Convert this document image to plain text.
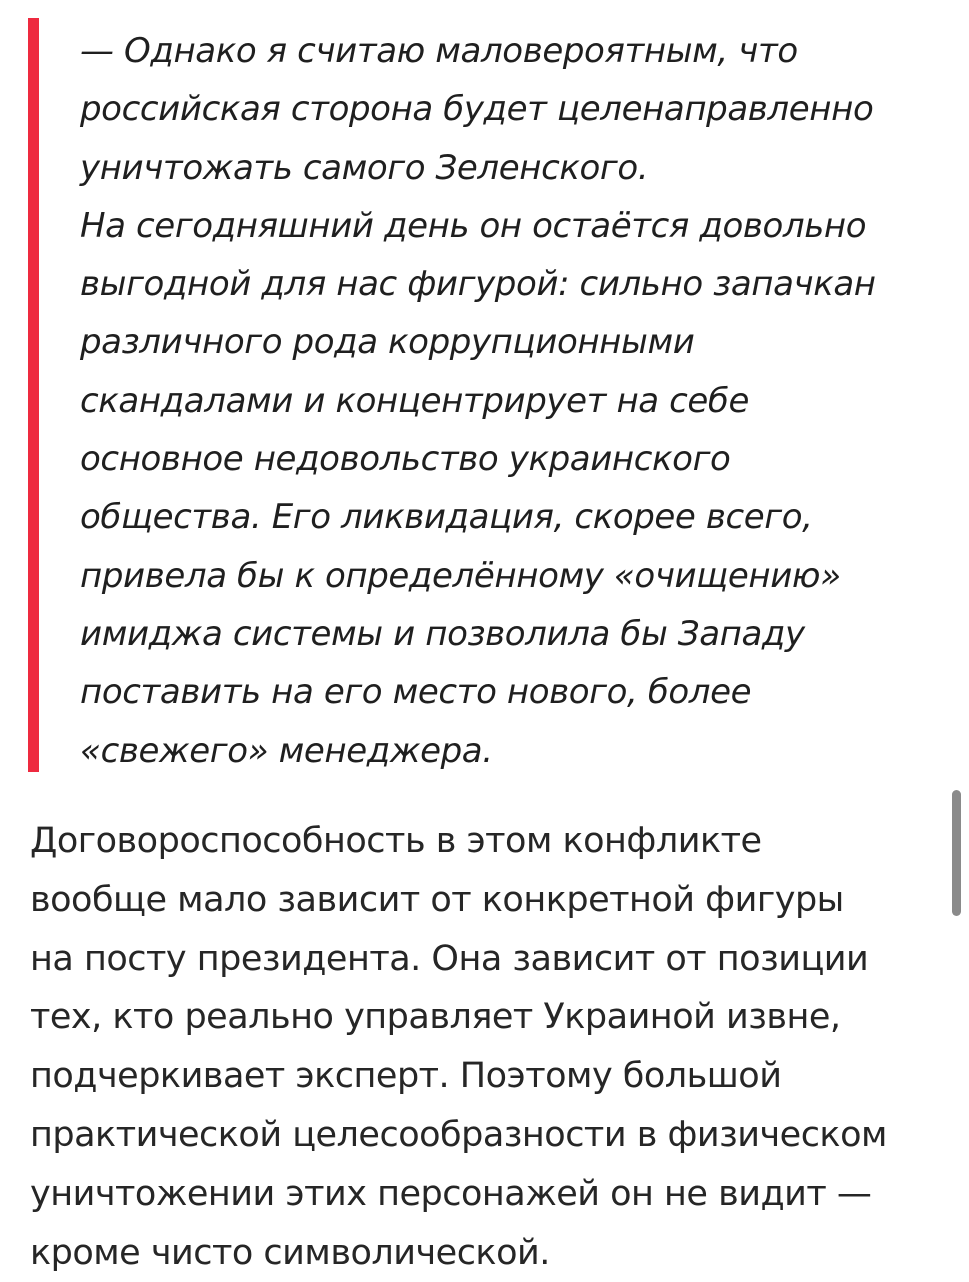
— Однако я считаю маловероятным, что
российская сторона будет целенаправленно
уничтожать самого Зеленского.
На сегодняшний день он остаётся довольно
выгодной для нас фигурой: сильно запачкан
различного рода коррупционными
скандалами и концентрирует на себе
основное недовольство украинского
общества. Его ликвидация, скорее всего,
привела бы к определённому «очищению»
имиджа системы и позволила бы Западу
поставить на его место нового, более
«свежего» менеджера.

Договороспособность в этом конфликте
вообще мало зависит от конкретной фигуры
на посту президента. Она зависит от позиции
тех, кто реально управляет Украиной извне,
подчеркивает эксперт. Поэтому большой
практической целесообразности в физическом
уничтожении этих персонажей он не видит —
кроме чисто символической.
